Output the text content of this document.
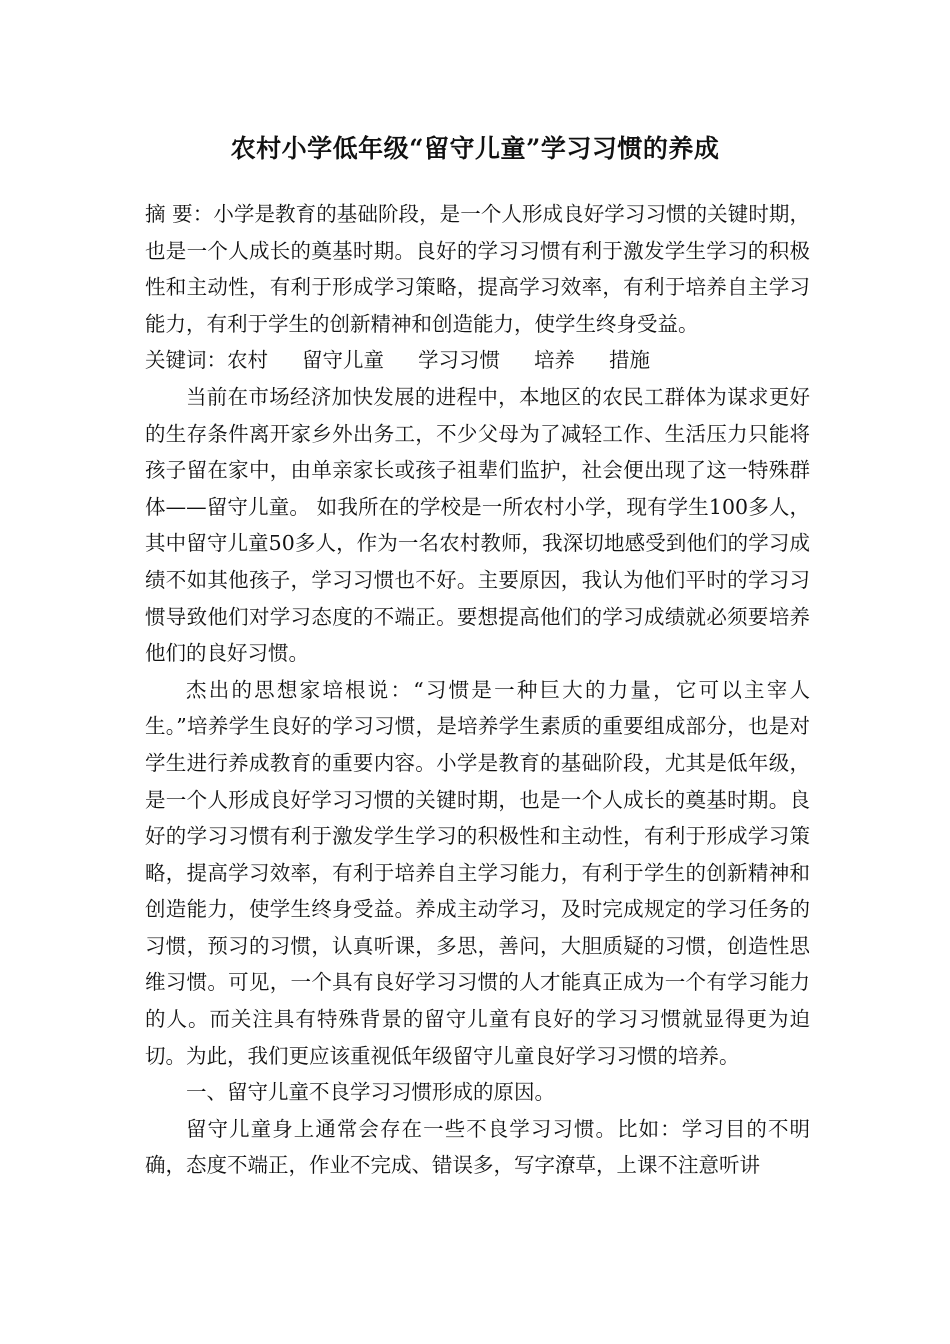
农村小学低年级“留守儿童”学习习惯的养成

摘 要：小学是教育的基础阶段，是一个人形成良好学习习惯的关键时期，也是一个人成长的奠基时期。良好的学习习惯有利于激发学生学习的积极性和主动性，有利于形成学习策略，提高学习效率，有利于培养自主学习能力，有利于学生的创新精神和创造能力，使学生终身受益。

关键词：农村 留守儿童 学习习惯 培养 措施

当前在市场经济加快发展的进程中，本地区的农民工群体为谋求更好的生存条件离开家乡外出务工，不少父母为了减轻工作、生活压力只能将孩子留在家中，由单亲家长或孩子祖辈们监护，社会便出现了这一特殊群体——留守儿童。 如我所在的学校是一所农村小学，现有学生100多人，其中留守儿童50多人，作为一名农村教师，我深切地感受到他们的学习成绩不如其他孩子，学习习惯也不好。主要原因，我认为他们平时的学习习惯导致他们对学习态度的不端正。要想提高他们的学习成绩就必须要培养他们的良好习惯。

杰出的思想家培根说：“习惯是一种巨大的力量，它可以主宰人生。”培养学生良好的学习习惯，是培养学生素质的重要组成部分，也是对学生进行养成教育的重要内容。小学是教育的基础阶段，尤其是低年级，是一个人形成良好学习习惯的关键时期，也是一个人成长的奠基时期。良好的学习习惯有利于激发学生学习的积极性和主动性，有利于形成学习策略，提高学习效率，有利于培养自主学习能力，有利于学生的创新精神和创造能力，使学生终身受益。养成主动学习，及时完成规定的学习任务的习惯，预习的习惯，认真听课，多思，善问，大胆质疑的习惯，创造性思维习惯。可见，一个具有良好学习习惯的人才能真正成为一个有学习能力的人。而关注具有特殊背景的留守儿童有良好的学习习惯就显得更为迫切。为此，我们更应该重视低年级留守儿童良好学习习惯的培养。

一、留守儿童不良学习习惯形成的原因。

留守儿童身上通常会存在一些不良学习习惯。比如：学习目的不明确，态度不端正，作业不完成、错误多，写字潦草，上课不注意听讲
